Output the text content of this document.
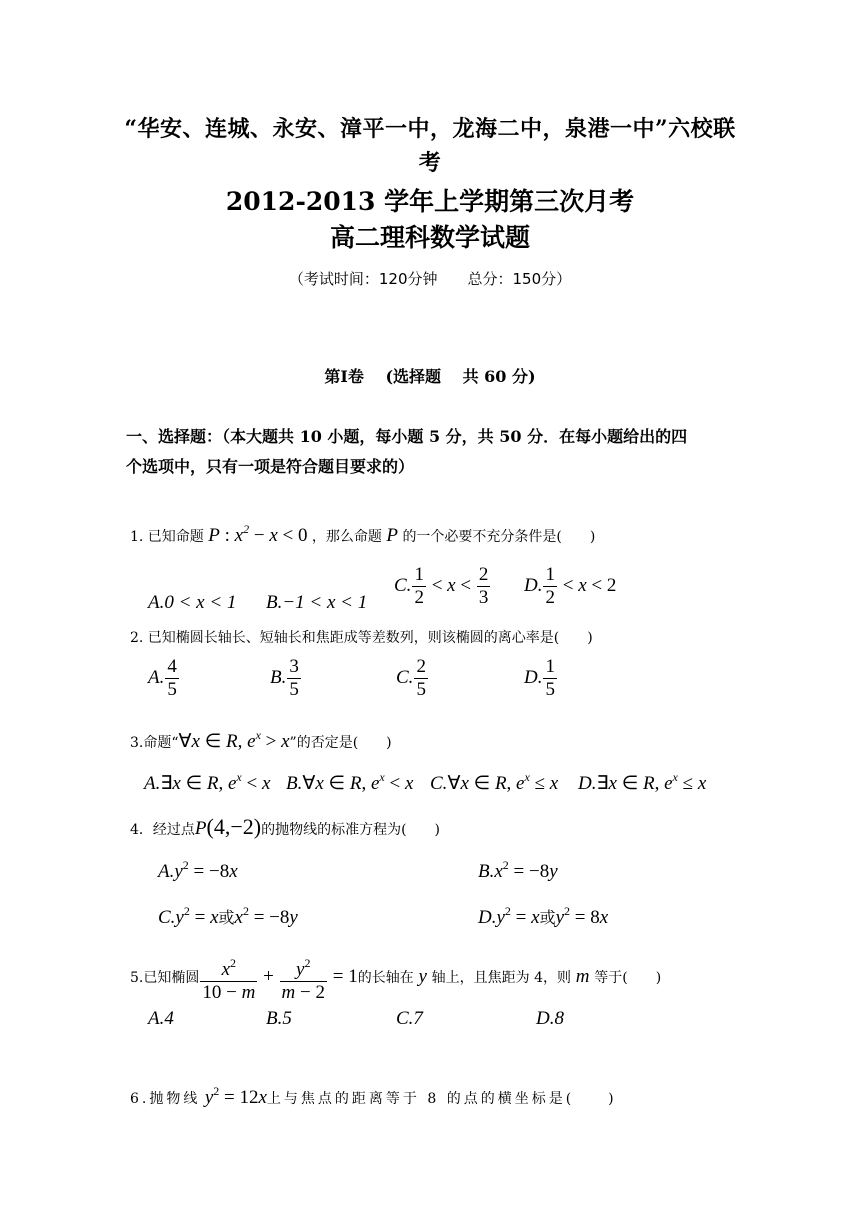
“华安、连城、永安、漳平一中，龙海二中，泉港一中”六校联
考
2012-2013 学年上学期第三次月考
高二理科数学试题
（考试时间：120分钟　　总分：150分）
第Ⅰ卷　 (选择题　 共 60 分)
一、选择题：（本大题共 10 小题，每小题 5 分，共 50 分．在每小题给出的四
个选项中，只有一项是符合题目要求的）
1. 已知命题 P : x2 − x < 0 ，那么命题 P 的一个必要不充分条件是(　　)
A.0 < x < 1 B.−1 < x < 1
C. $\frac{1}{2} < x < \frac{2}{3} D$. $\frac{1}{2} < x < 2$
2. 已知椭圆长轴长、短轴长和焦距成等差数列，则该椭圆的离心率是(　　)
A. $\frac{4}{5}$	B. $\frac{3}{5}$	C. $\frac{2}{5}$	D. $\frac{1}{5}$
3.命题“∀x ∈ R, ex > x”的否定是(　　)
A.∃x ∈ R, $e^x < x$ B.∀x ∈ R, $e^x < x$ C.∀x ∈ R, $e^x \le x$ D.∃x ∈ R, $e^x \le x$
4．经过点P(4,−2)的抛物线的标准方程为(　　)
$A.y^2 = -8x$	$B.x^2 = -8y$
$C.y^2 = x$或$x^2 = -8y$	$D.y^2 = x$或$y^2 = 8x$
5.已知椭圆 $\frac{x^2}{10 - m} + \frac{y^2}{m - 2} = 1$的长轴在 y 轴上，且焦距为 4，则 m 等于(　　)
A.4	B.5	C.7	D.8
6.抛物线 y2 = 12x上与焦点的距离等于 8 的点的横坐标是(　　)
